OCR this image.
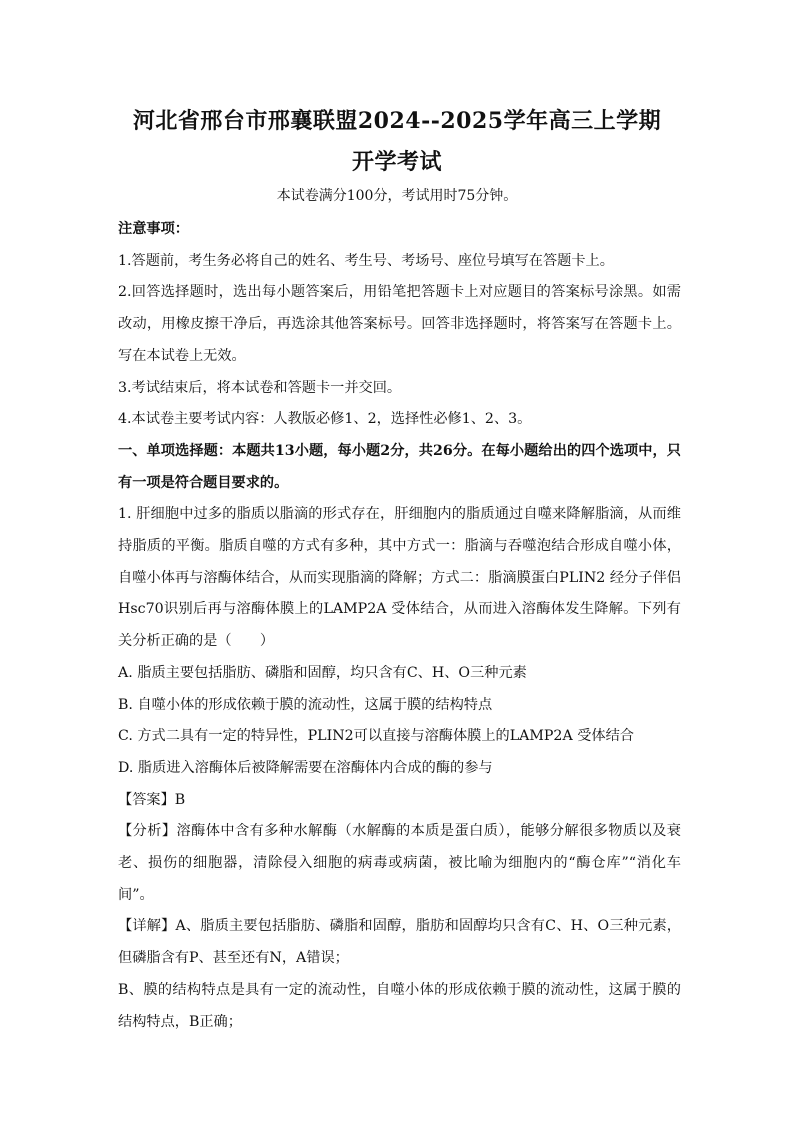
河北省邢台市邢襄联盟2024--2025学年高三上学期
开学考试
本试卷满分100分，考试用时75分钟。

注意事项：

1.答题前，考生务必将自己的姓名、考生号、考场号、座位号填写在答题卡上。

2.回答选择题时，选出每小题答案后，用铅笔把答题卡上对应题目的答案标号涂黑。如需改动，用橡皮擦干净后，再选涂其他答案标号。回答非选择题时，将答案写在答题卡上。写在本试卷上无效。

3.考试结束后，将本试卷和答题卡一并交回。

4.本试卷主要考试内容：人教版必修1、2，选择性必修1、2、3。

一、单项选择题：本题共13小题，每小题2分，共26分。在每小题给出的四个选项中，只有一项是符合题目要求的。

1. 肝细胞中过多的脂质以脂滴的形式存在，肝细胞内的脂质通过自噬来降解脂滴，从而维持脂质的平衡。脂质自噬的方式有多种，其中方式一：脂滴与吞噬泡结合形成自噬小体，自噬小体再与溶酶体结合，从而实现脂滴的降解；方式二：脂滴膜蛋白PLIN2 经分子伴侣Hsc70识别后再与溶酶体膜上的LAMP2A 受体结合，从而进入溶酶体发生降解。下列有关分析正确的是（　　）

A. 脂质主要包括脂肪、磷脂和固醇，均只含有C、H、O三种元素

B. 自噬小体的形成依赖于膜的流动性，这属于膜的结构特点

C. 方式二具有一定的特异性，PLIN2可以直接与溶酶体膜上的LAMP2A 受体结合

D. 脂质进入溶酶体后被降解需要在溶酶体内合成的酶的参与

【答案】B

【分析】溶酶体中含有多种水解酶（水解酶的本质是蛋白质），能够分解很多物质以及衰老、损伤的细胞器，清除侵入细胞的病毒或病菌，被比喻为细胞内的“酶仓库”“消化车间”。

【详解】A、脂质主要包括脂肪、磷脂和固醇，脂肪和固醇均只含有C、H、O三种元素，但磷脂含有P、甚至还有N，A错误；

B、膜的结构特点是具有一定的流动性，自噬小体的形成依赖于膜的流动性，这属于膜的结构特点，B正确；
